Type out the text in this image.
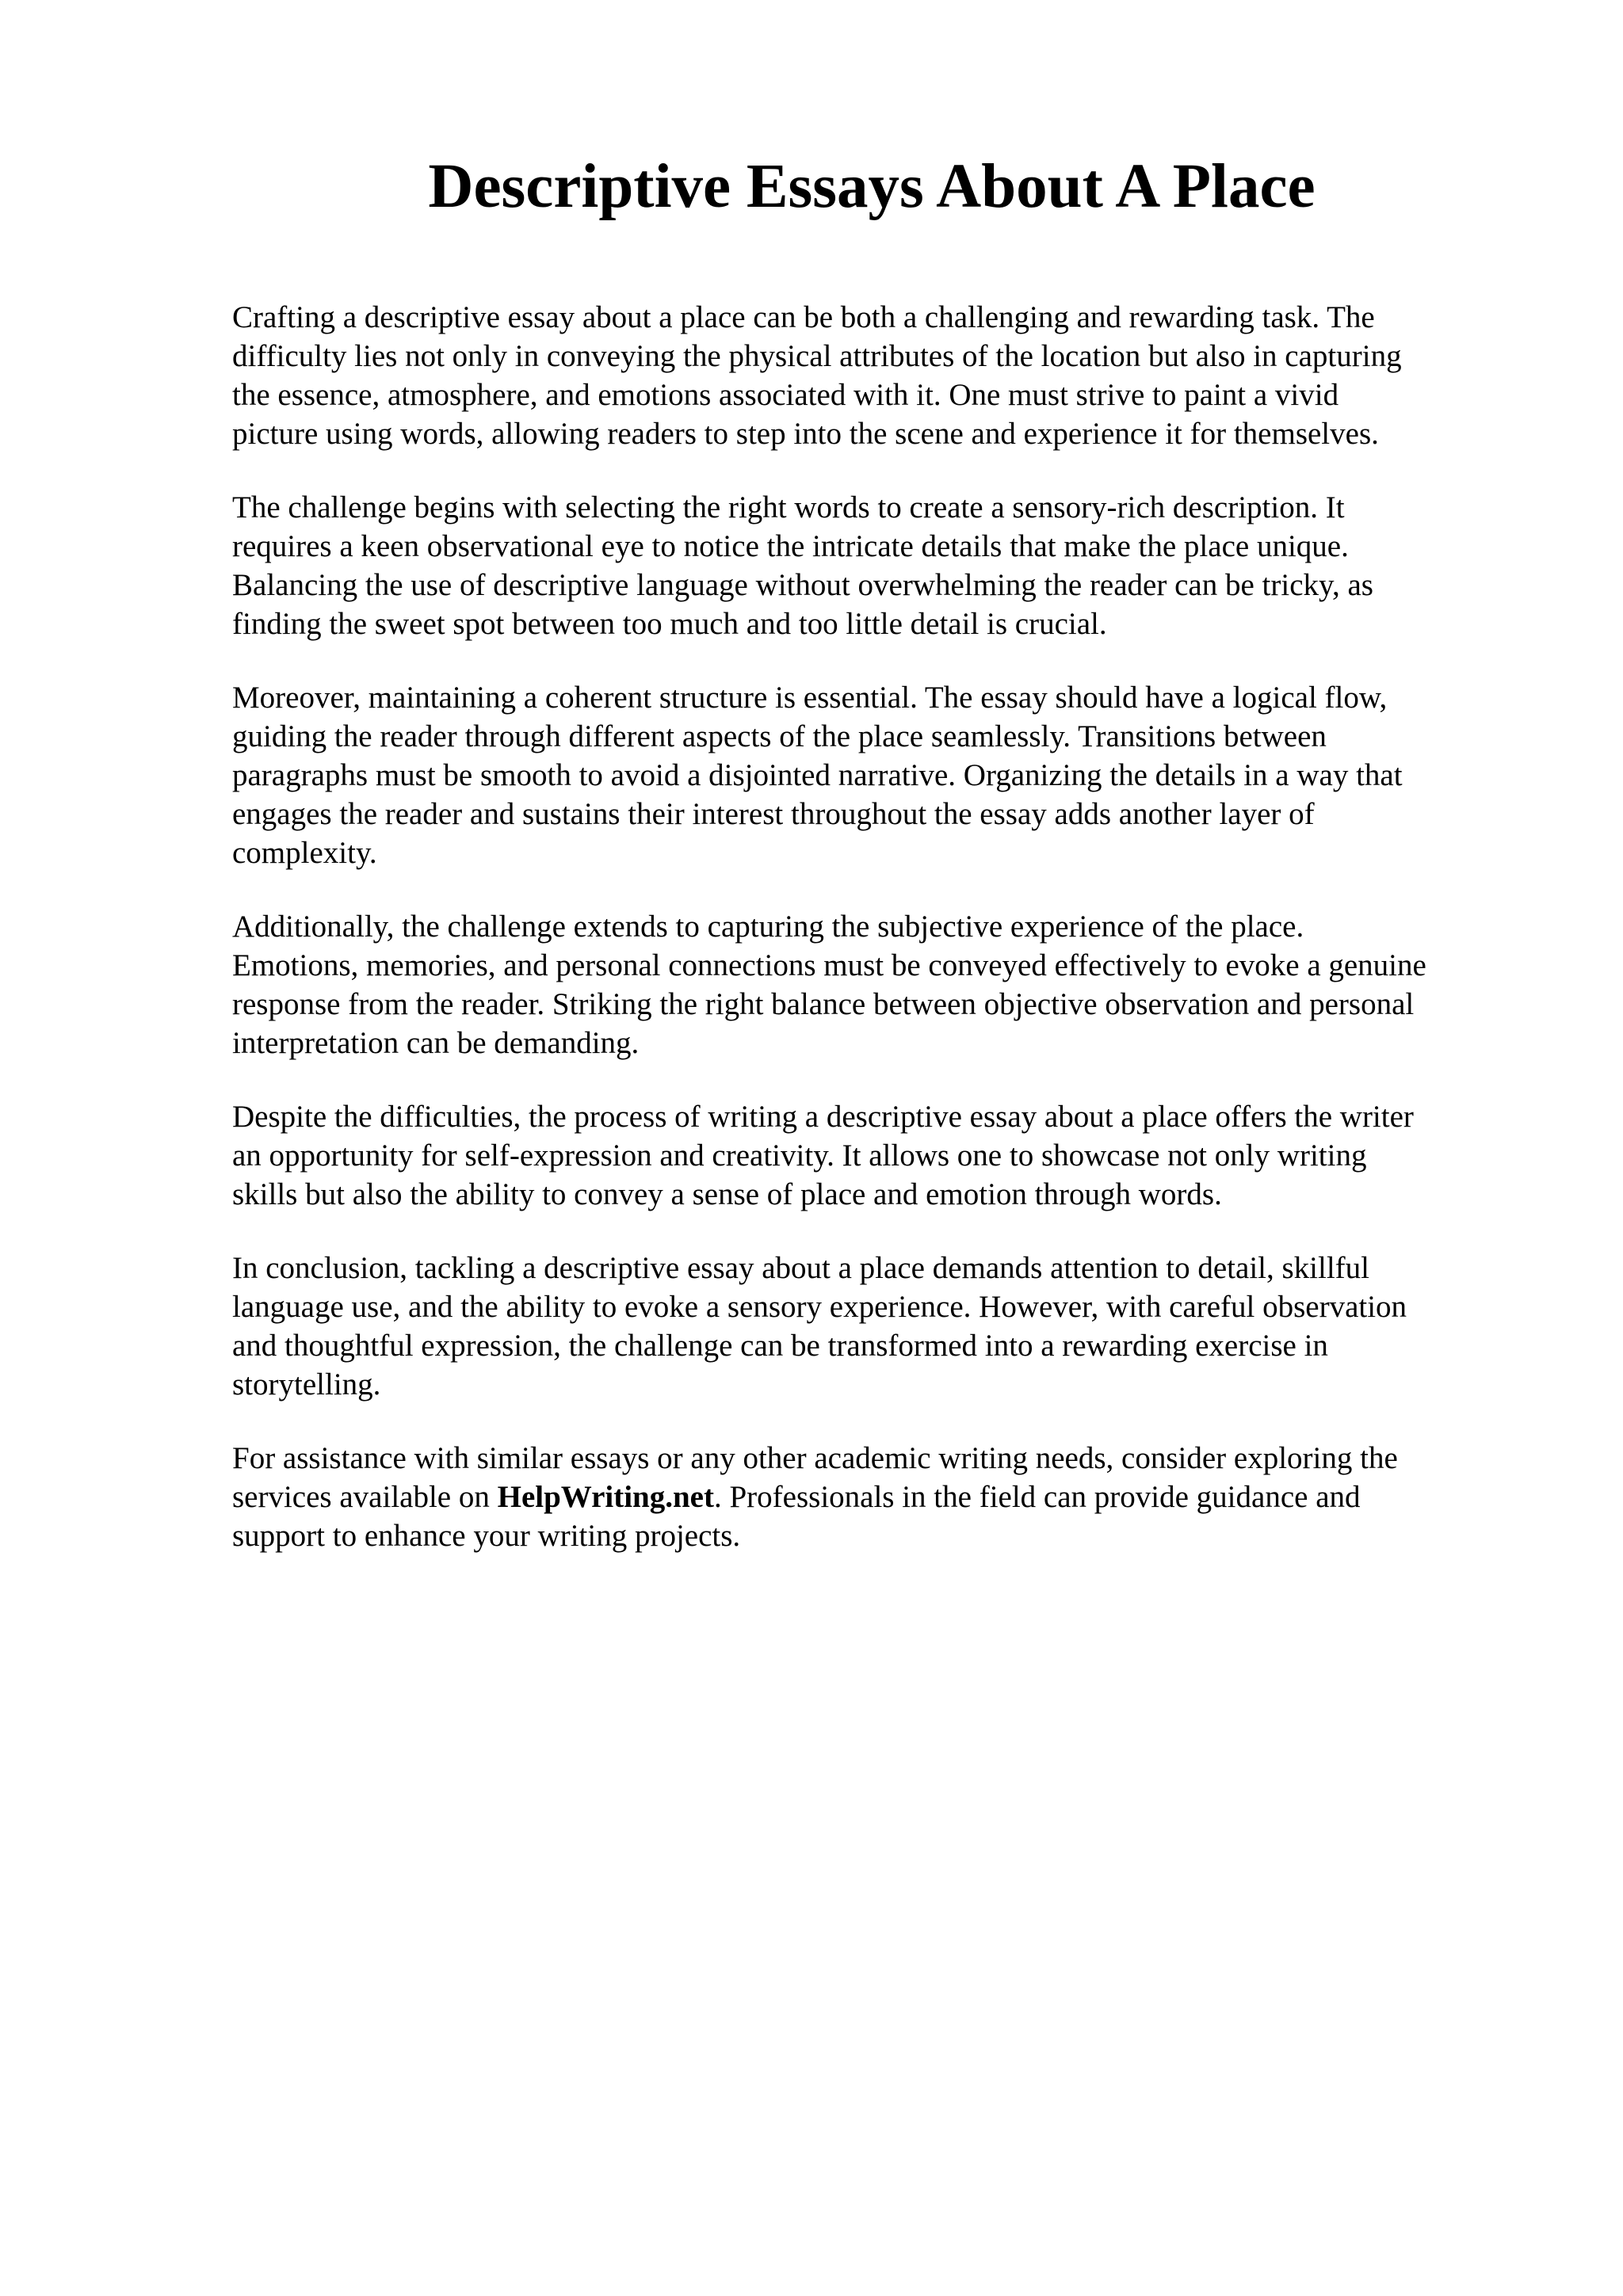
Descriptive Essays About A Place

Crafting a descriptive essay about a place can be both a challenging and rewarding task. The
difficulty lies not only in conveying the physical attributes of the location but also in capturing
the essence, atmosphere, and emotions associated with it. One must strive to paint a vivid
picture using words, allowing readers to step into the scene and experience it for themselves.

The challenge begins with selecting the right words to create a sensory-rich description. It
requires a keen observational eye to notice the intricate details that make the place unique.
Balancing the use of descriptive language without overwhelming the reader can be tricky, as
finding the sweet spot between too much and too little detail is crucial.

Moreover, maintaining a coherent structure is essential. The essay should have a logical flow,
guiding the reader through different aspects of the place seamlessly. Transitions between
paragraphs must be smooth to avoid a disjointed narrative. Organizing the details in a way that
engages the reader and sustains their interest throughout the essay adds another layer of
complexity.

Additionally, the challenge extends to capturing the subjective experience of the place.
Emotions, memories, and personal connections must be conveyed effectively to evoke a genuine
response from the reader. Striking the right balance between objective observation and personal
interpretation can be demanding.

Despite the difficulties, the process of writing a descriptive essay about a place offers the writer
an opportunity for self-expression and creativity. It allows one to showcase not only writing
skills but also the ability to convey a sense of place and emotion through words.

In conclusion, tackling a descriptive essay about a place demands attention to detail, skillful
language use, and the ability to evoke a sensory experience. However, with careful observation
and thoughtful expression, the challenge can be transformed into a rewarding exercise in
storytelling.

For assistance with similar essays or any other academic writing needs, consider exploring the
services available on HelpWriting.net. Professionals in the field can provide guidance and
support to enhance your writing projects.
